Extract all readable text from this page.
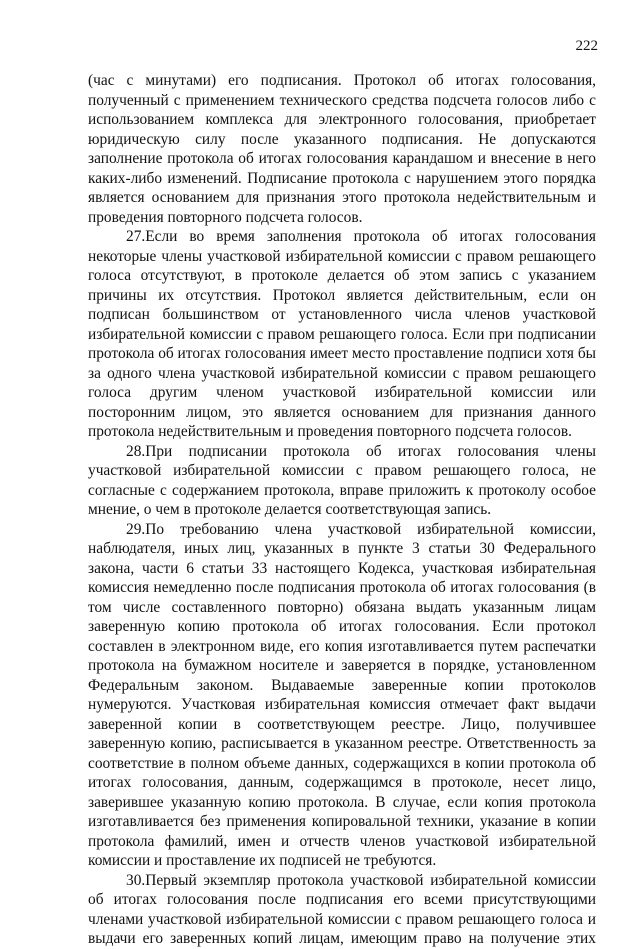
222

(час с минутами) его подписания. Протокол об итогах голосования, полученный с применением технического средства подсчета голосов либо с использованием комплекса для электронного голосования, приобретает юридическую силу после указанного подписания. Не допускаются заполнение протокола об итогах голосования карандашом и внесение в него каких-либо изменений. Подписание протокола с нарушением этого порядка является основанием для признания этого протокола недействительным и проведения повторного подсчета голосов.

27.Если во время заполнения протокола об итогах голосования некоторые члены участковой избирательной комиссии с правом решающего голоса отсутствуют, в протоколе делается об этом запись с указанием причины их отсутствия. Протокол является действительным, если он подписан большинством от установленного числа членов участковой избирательной комиссии с правом решающего голоса. Если при подписании протокола об итогах голосования имеет место проставление подписи хотя бы за одного члена участковой избирательной комиссии с правом решающего голоса другим членом участковой избирательной комиссии или посторонним лицом, это является основанием для признания данного протокола недействительным и проведения повторного подсчета голосов.

28.При подписании протокола об итогах голосования члены участковой избирательной комиссии с правом решающего голоса, не согласные с содержанием протокола, вправе приложить к протоколу особое мнение, о чем в протоколе делается соответствующая запись.

29.По требованию члена участковой избирательной комиссии, наблюдателя, иных лиц, указанных в пункте 3 статьи 30 Федерального закона, части 6 статьи 33 настоящего Кодекса, участковая избирательная комиссия немедленно после подписания протокола об итогах голосования (в том числе составленного повторно) обязана выдать указанным лицам заверенную копию протокола об итогах голосования. Если протокол составлен в электронном виде, его копия изготавливается путем распечатки протокола на бумажном носителе и заверяется в порядке, установленном Федеральным законом. Выдаваемые заверенные копии протоколов нумеруются. Участковая избирательная комиссия отмечает факт выдачи заверенной копии в соответствующем реестре. Лицо, получившее заверенную копию, расписывается в указанном реестре. Ответственность за соответствие в полном объеме данных, содержащихся в копии протокола об итогах голосования, данным, содержащимся в протоколе, несет лицо, заверившее указанную копию протокола. В случае, если копия протокола изготавливается без применения копировальной техники, указание в копии протокола фамилий, имен и отчеств членов участковой избирательной комиссии и проставление их подписей не требуются.

30.Первый экземпляр протокола участковой избирательной комиссии об итогах голосования после подписания его всеми присутствующими членами участковой избирательной комиссии с правом решающего голоса и выдачи его заверенных копий лицам, имеющим право на получение этих
